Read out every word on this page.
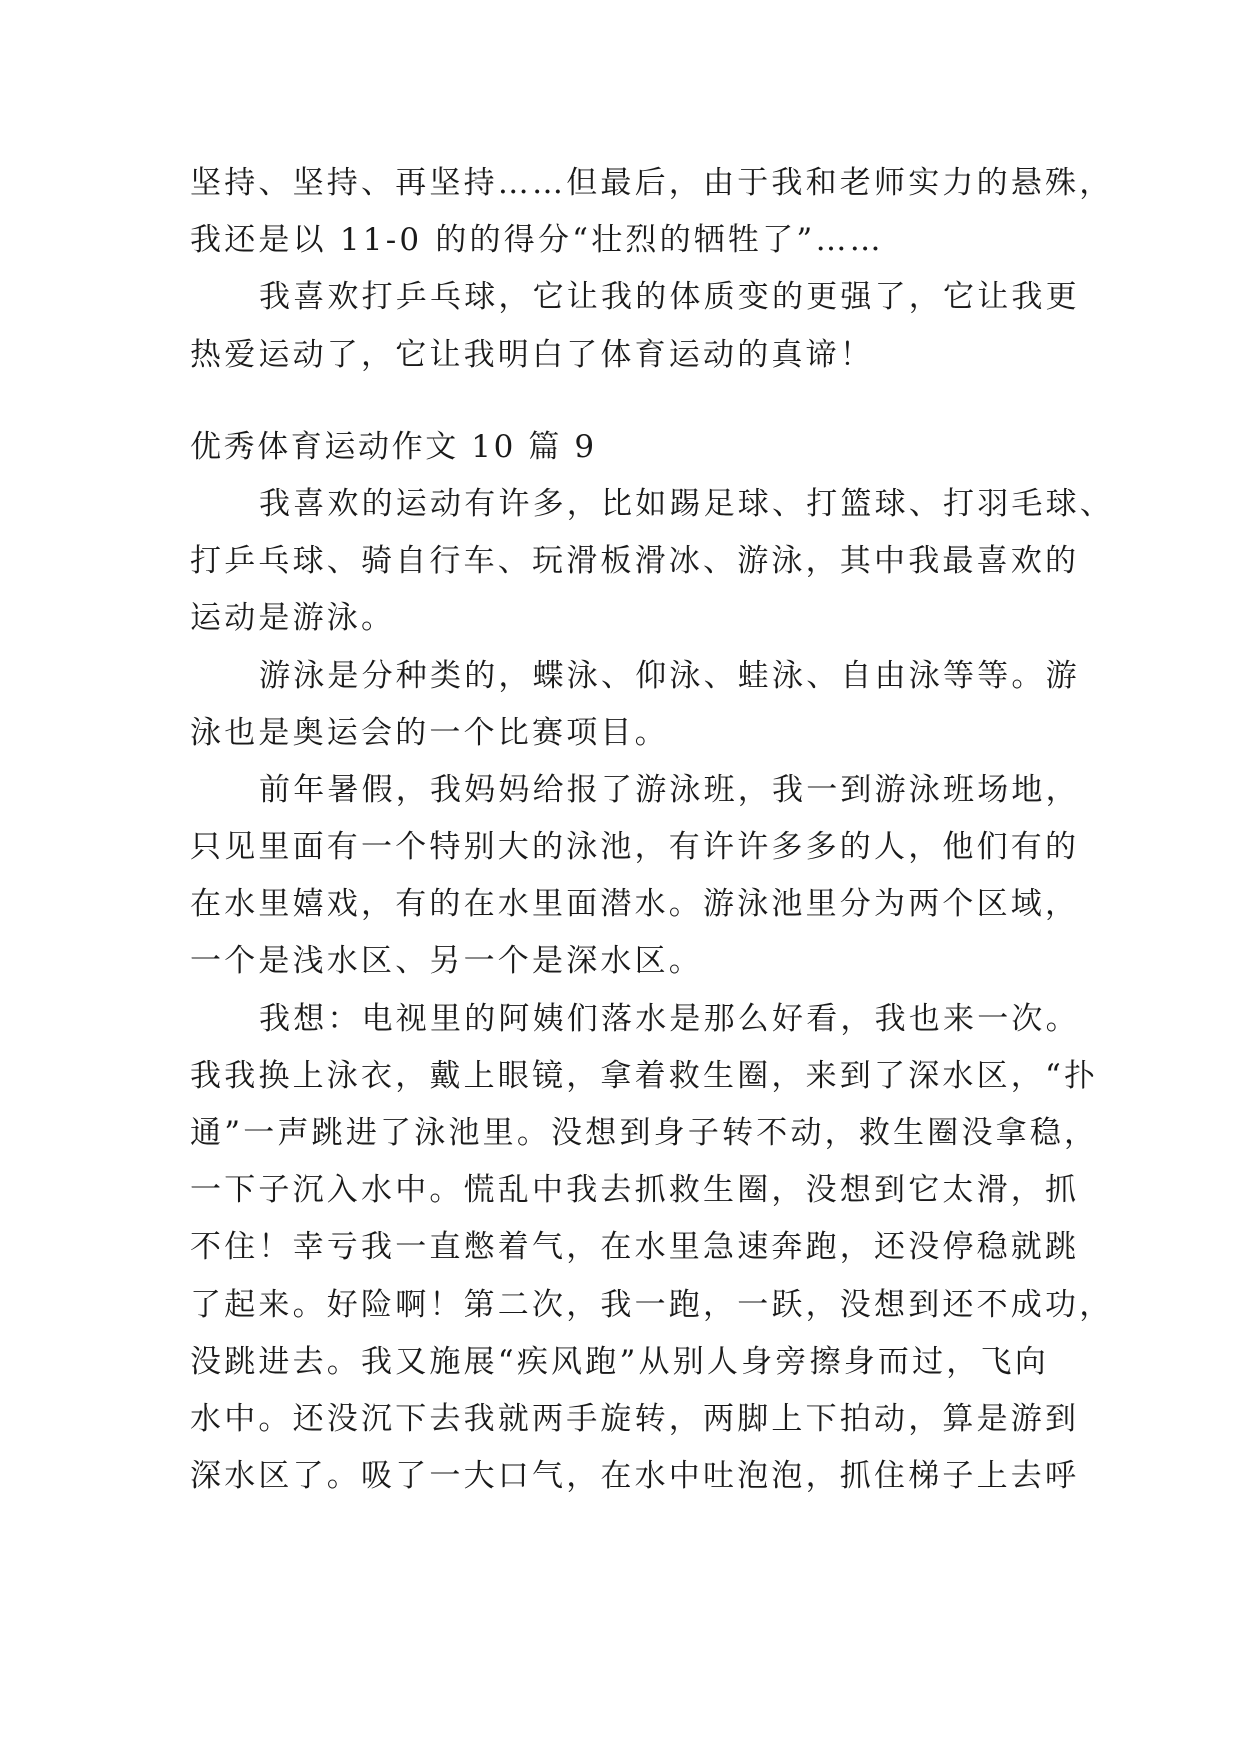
坚持、坚持、再坚持……但最后，由于我和老师实力的悬殊，
我还是以 11-0 的的得分“壮烈的牺牲了”……
我喜欢打乒乓球，它让我的体质变的更强了，它让我更
热爱运动了，它让我明白了体育运动的真谛！
优秀体育运动作文 10 篇 9
我喜欢的运动有许多，比如踢足球、打篮球、打羽毛球、
打乒乓球、骑自行车、玩滑板滑冰、游泳，其中我最喜欢的
运动是游泳。
游泳是分种类的，蝶泳、仰泳、蛙泳、自由泳等等。游
泳也是奥运会的一个比赛项目。
前年暑假，我妈妈给报了游泳班，我一到游泳班场地，
只见里面有一个特别大的泳池，有许许多多的人，他们有的
在水里嬉戏，有的在水里面潜水。游泳池里分为两个区域，
一个是浅水区、另一个是深水区。
我想：电视里的阿姨们落水是那么好看，我也来一次。
我我换上泳衣，戴上眼镜，拿着救生圈，来到了深水区，“扑
通”一声跳进了泳池里。没想到身子转不动，救生圈没拿稳，
一下子沉入水中。慌乱中我去抓救生圈，没想到它太滑，抓
不住！幸亏我一直憋着气，在水里急速奔跑，还没停稳就跳
了起来。好险啊！第二次，我一跑，一跃，没想到还不成功，
没跳进去。我又施展“疾风跑”从别人身旁擦身而过，飞向
水中。还没沉下去我就两手旋转，两脚上下拍动，算是游到
深水区了。吸了一大口气，在水中吐泡泡，抓住梯子上去呼
